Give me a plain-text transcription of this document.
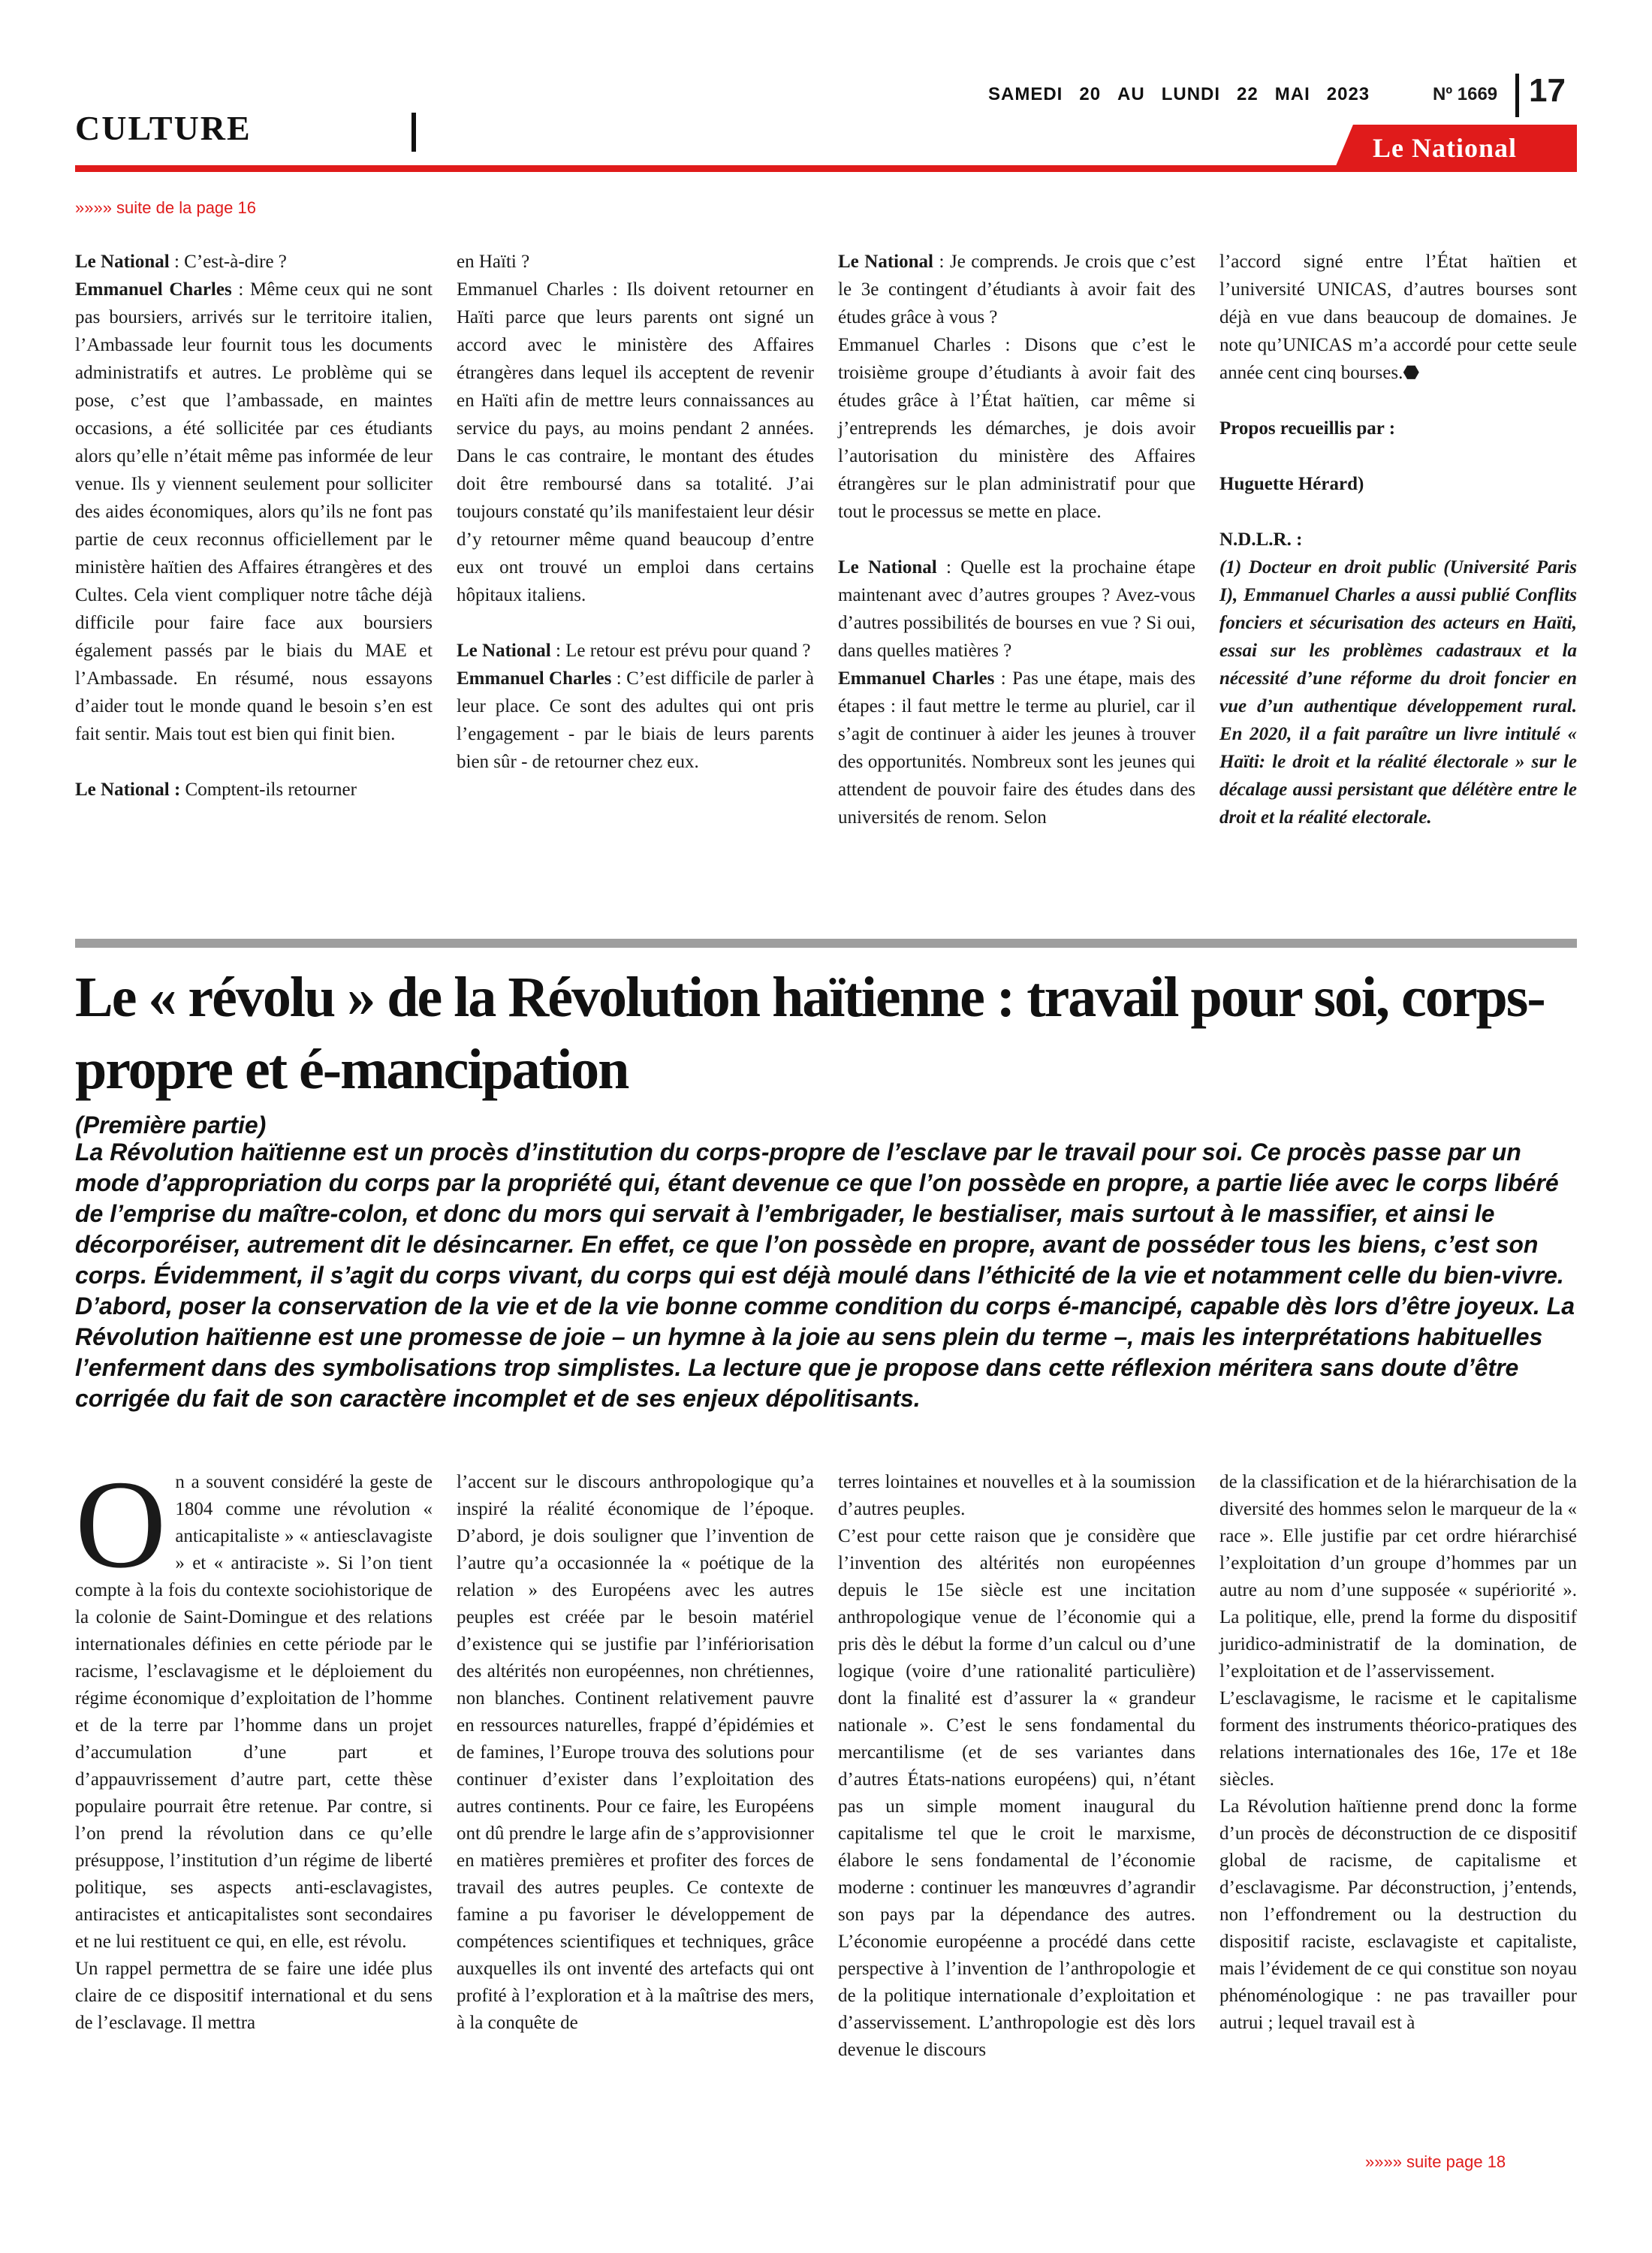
CULTURE
SAMEDI 20 AU LUNDI 22 MAI 2023	Nº 1669 17
Le National
»»»» suite de la page 16

Le National : C’est-à-dire ?

Emmanuel Charles : Même ceux qui ne sont pas boursiers, arrivés sur le territoire italien, l’Ambassade leur fournit tous les documents administratifs et autres. Le problème qui se pose, c’est que l’ambassade, en maintes occasions, a été sollicitée par ces étudiants alors qu’elle n’était même pas informée de leur venue. Ils y viennent seulement pour solliciter des aides économiques, alors qu’ils ne font pas partie de ceux reconnus officiellement par le ministère haïtien des Affaires étrangères et des Cultes. Cela vient compliquer notre tâche déjà difficile pour faire face aux boursiers également passés par le biais du MAE et l’Ambassade. En résumé, nous essayons d’aider tout le monde quand le besoin s’en est fait sentir. Mais tout est bien qui finit bien.

Le National : Comptent-ils retourner

en Haïti ?

Emmanuel Charles : Ils doivent retourner en Haïti parce que leurs parents ont signé un accord avec le ministère des Affaires étrangères dans lequel ils acceptent de revenir en Haïti afin de mettre leurs connaissances au service du pays, au moins pendant 2 années. Dans le cas contraire, le montant des études doit être remboursé dans sa totalité. J’ai toujours constaté qu’ils manifestaient leur désir d’y retourner même quand beaucoup d’entre eux ont trouvé un emploi dans certains hôpitaux italiens.

Le National : Le retour est prévu pour quand ?

Emmanuel Charles : C’est difficile de parler à leur place. Ce sont des adultes qui ont pris l’engagement - par le biais de leurs parents bien sûr - de retourner chez eux.

Le National : Je comprends. Je crois que c’est le 3e contingent d’étudiants à avoir fait des études grâce à vous ?

Emmanuel Charles : Disons que c’est le troisième groupe d’étudiants à avoir fait des études grâce à l’État haïtien, car même si j’entreprends les démarches, je dois avoir l’autorisation du ministère des Affaires étrangères sur le plan administratif pour que tout le processus se mette en place.

Le National : Quelle est la prochaine étape maintenant avec d’autres groupes ? Avez-vous d’autres possibilités de bourses en vue ? Si oui, dans quelles matières ?

Emmanuel Charles : Pas une étape, mais des étapes : il faut mettre le terme au pluriel, car il s’agit de continuer à aider les jeunes à trouver des opportunités. Nombreux sont les jeunes qui attendent de pouvoir faire des études dans des universités de renom. Selon

l’accord signé entre l’État haïtien et l’université UNICAS, d’autres bourses sont déjà en vue dans beaucoup de domaines. Je note qu’UNICAS m’a accordé pour cette seule année cent cinq bourses.⬣

Propos recueillis par :

Huguette Hérard)

N.D.L.R. :

(1) Docteur en droit public (Université Paris I), Emmanuel Charles a aussi publié Conflits fonciers et sécurisation des acteurs en Haïti, essai sur les problèmes cadastraux et la nécessité d’une réforme du droit foncier en vue d’un authentique développement rural. En 2020, il a fait paraître un livre intitulé « Haïti: le droit et la réalité électorale » sur le décalage aussi persistant que délétère entre le droit et la réalité electorale.

Le « révolu » de la Révolution haïtienne : travail pour soi, corps-propre et é-mancipation
(Première partie)
La Révolution haïtienne est un procès d’institution du corps-propre de l’esclave par le travail pour soi. Ce procès passe par un mode d’appropriation du corps par la propriété qui, étant devenue ce que l’on possède en propre, a partie liée avec le corps libéré de l’emprise du maître-colon, et donc du mors qui servait à l’embrigader, le bestialiser, mais surtout à le massifier, et ainsi le décorporéiser, autrement dit le désincarner. En effet, ce que l’on possède en propre, avant de posséder tous les biens, c’est son corps. Évidemment, il s’agit du corps vivant, du corps qui est déjà moulé dans l’éthicité de la vie et notamment celle du bien-vivre. D’abord, poser la conservation de la vie et de la vie bonne comme condition du corps é-mancipé, capable dès lors d’être joyeux. La Révolution haïtienne est une promesse de joie – un hymne à la joie au sens plein du terme –, mais les interprétations habituelles l’enferment dans des symbolisations trop simplistes. La lecture que je propose dans cette réflexion méritera sans doute d’être corrigée du fait de son caractère incomplet et de ses enjeux dépolitisants.

On a souvent considéré la geste de 1804 comme une révolution « anticapitaliste » « antiesclavagiste » et « antiraciste ». Si l’on tient compte à la fois du contexte sociohistorique de la colonie de Saint-Domingue et des relations internationales définies en cette période par le racisme, l’esclavagisme et le déploiement du régime économique d’exploitation de l’homme et de la terre par l’homme dans un projet d’accumulation d’une part et d’appauvrissement d’autre part, cette thèse populaire pourrait être retenue. Par contre, si l’on prend la révolution dans ce qu’elle présuppose, l’institution d’un régime de liberté politique, ses aspects anti-esclavagistes, antiracistes et anticapitalistes sont secondaires et ne lui restituent ce qui, en elle, est révolu.

Un rappel permettra de se faire une idée plus claire de ce dispositif international et du sens de l’esclavage. Il mettra

l’accent sur le discours anthropologique qu’a inspiré la réalité économique de l’époque. D’abord, je dois souligner que l’invention de l’autre qu’a occasionnée la « poétique de la relation » des Européens avec les autres peuples est créée par le besoin matériel d’existence qui se justifie par l’infériorisation des altérités non européennes, non chrétiennes, non blanches. Continent relativement pauvre en ressources naturelles, frappé d’épidémies et de famines, l’Europe trouva des solutions pour continuer d’exister dans l’exploitation des autres continents. Pour ce faire, les Européens ont dû prendre le large afin de s’approvisionner en matières premières et profiter des forces de travail des autres peuples. Ce contexte de famine a pu favoriser le développement de compétences scientifiques et techniques, grâce auxquelles ils ont inventé des artefacts qui ont profité à l’exploration et à la maîtrise des mers, à la conquête de

terres lointaines et nouvelles et à la soumission d’autres peuples.

C’est pour cette raison que je considère que l’invention des altérités non européennes depuis le 15e siècle est une incitation anthropologique venue de l’économie qui a pris dès le début la forme d’un calcul ou d’une logique (voire d’une rationalité particulière) dont la finalité est d’assurer la « grandeur nationale ». C’est le sens fondamental du mercantilisme (et de ses variantes dans d’autres États-nations européens) qui, n’étant pas un simple moment inaugural du capitalisme tel que le croit le marxisme, élabore le sens fondamental de l’économie moderne : continuer les manœuvres d’agrandir son pays par la dépendance des autres. L’économie européenne a procédé dans cette perspective à l’invention de l’anthropologie et de la politique internationale d’exploitation et d’asservissement. L’anthropologie est dès lors devenue le discours

de la classification et de la hiérarchisation de la diversité des hommes selon le marqueur de la « race ». Elle justifie par cet ordre hiérarchisé l’exploitation d’un groupe d’hommes par un autre au nom d’une supposée « supériorité ». La politique, elle, prend la forme du dispositif juridico-administratif de la domination, de l’exploitation et de l’asservissement.

L’esclavagisme, le racisme et le capitalisme forment des instruments théorico-pratiques des relations internationales des 16e, 17e et 18e siècles.

La Révolution haïtienne prend donc la forme d’un procès de déconstruction de ce dispositif global de racisme, de capitalisme et d’esclavagisme. Par déconstruction, j’entends, non l’effondrement ou la destruction du dispositif raciste, esclavagiste et capitaliste, mais l’évidement de ce qui constitue son noyau phénoménologique : ne pas travailler pour autrui ; lequel travail est à

»»»» suite page 18
